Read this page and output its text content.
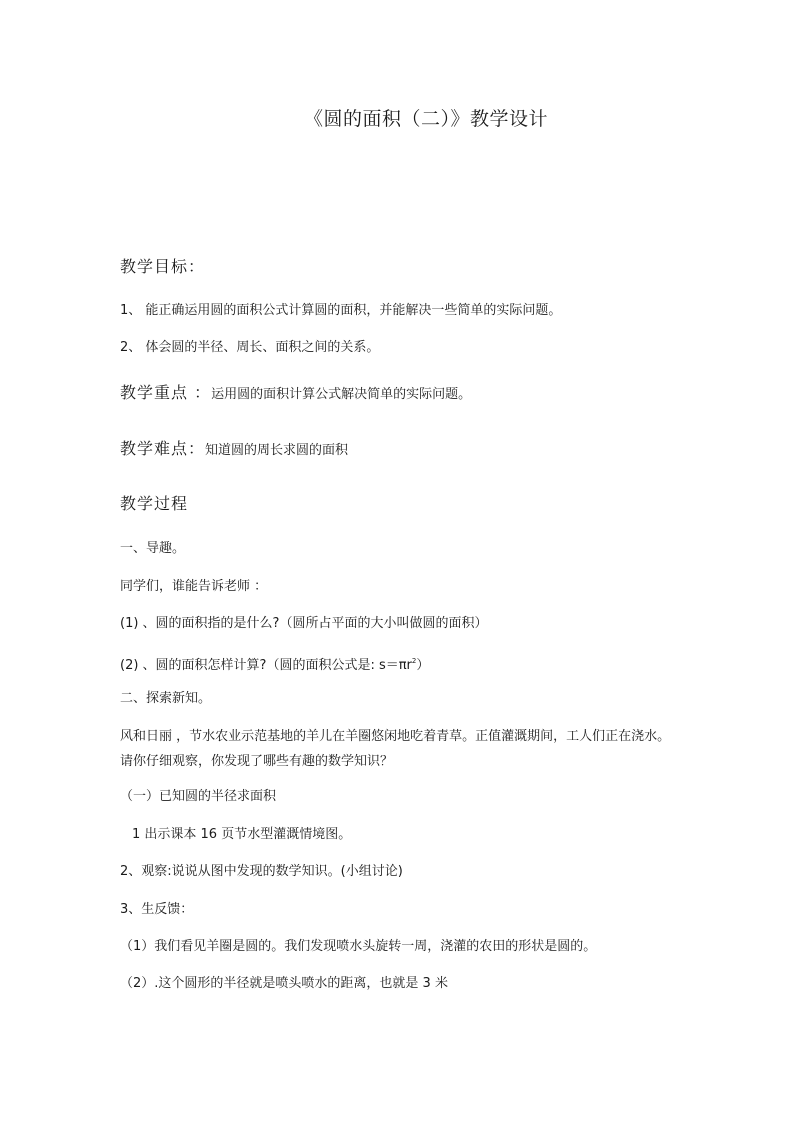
《圆的面积（二）》教学设计
教学目标：
1、 能正确运用圆的面积公式计算圆的面积，并能解决一些简单的实际问题。
2、 体会圆的半径、周长、面积之间的关系。
教学重点 ：运用圆的面积计算公式解决简单的实际问题。
教学难点：知道圆的周长求圆的面积
教学过程
一、导趣。
同学们，谁能告诉老师 ：
(1) 、圆的面积指的是什么?（圆所占平面的大小叫做圆的面积）
(2) 、圆的面积怎样计算?（圆的面积公式是: $s=\pi r^2$）
二、探索新知。
风和日丽 ，节水农业示范基地的羊儿在羊圈悠闲地吃着青草。正值灌溉期间，工人们正在浇水。请你仔细观察，你发现了哪些有趣的数学知识？
（一）已知圆的半径求面积
1 出示课本 16 页节水型灌溉情境图。
2、观察:说说从图中发现的数学知识。(小组讨论)
3、生反馈：
（1）我们看见羊圈是圆的。我们发现喷水头旋转一周，浇灌的农田的形状是圆的。
（2）.这个圆形的半径就是喷头喷水的距离，也就是 3 米
